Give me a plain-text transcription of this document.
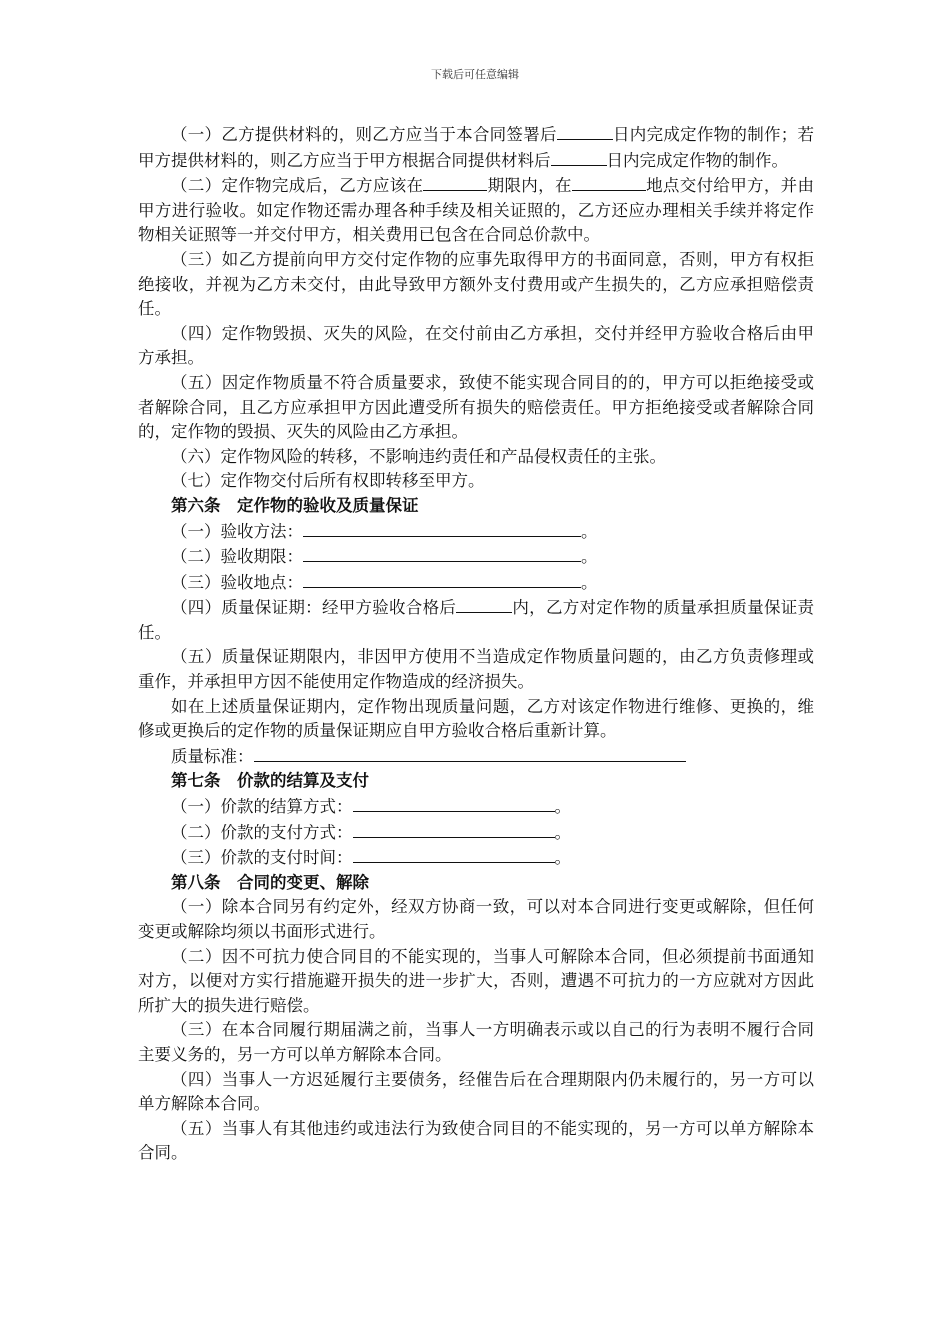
下载后可任意编辑

（一）乙方提供材料的，则乙方应当于本合同签署后	日内完成定作物的制作；若甲方提供材料的，则乙方应当于甲方根据合同提供材料后	日内完成定作物的制作。

（二）定作物完成后，乙方应该在	期限内，在	地点交付给甲方，并由甲方进行验收。如定作物还需办理各种手续及相关证照的，乙方还应办理相关手续并将定作物相关证照等一并交付甲方，相关费用已包含在合同总价款中。

（三）如乙方提前向甲方交付定作物的应事先取得甲方的书面同意，否则，甲方有权拒绝接收，并视为乙方未交付，由此导致甲方额外支付费用或产生损失的，乙方应承担赔偿责任。

（四）定作物毁损、灭失的风险，在交付前由乙方承担，交付并经甲方验收合格后由甲方承担。

（五）因定作物质量不符合质量要求，致使不能实现合同目的的，甲方可以拒绝接受或者解除合同，且乙方应承担甲方因此遭受所有损失的赔偿责任。甲方拒绝接受或者解除合同的，定作物的毁损、灭失的风险由乙方承担。

（六）定作物风险的转移，不影响违约责任和产品侵权责任的主张。

（七）定作物交付后所有权即转移至甲方。

第六条　定作物的验收及质量保证

（一）验收方法：	。

（二）验收期限：	。

（三）验收地点：	。

（四）质量保证期：经甲方验收合格后	内，乙方对定作物的质量承担质量保证责任。

（五）质量保证期限内，非因甲方使用不当造成定作物质量问题的，由乙方负责修理或重作，并承担甲方因不能使用定作物造成的经济损失。

如在上述质量保证期内，定作物出现质量问题，乙方对该定作物进行维修、更换的，维修或更换后的定作物的质量保证期应自甲方验收合格后重新计算。

质量标准：

第七条　价款的结算及支付

（一）价款的结算方式：	。

（二）价款的支付方式：	。

（三）价款的支付时间：	。

第八条　合同的变更、解除

（一）除本合同另有约定外，经双方协商一致，可以对本合同进行变更或解除，但任何变更或解除均须以书面形式进行。

（二）因不可抗力使合同目的不能实现的，当事人可解除本合同，但必须提前书面通知对方，以便对方实行措施避开损失的进一步扩大，否则，遭遇不可抗力的一方应就对方因此所扩大的损失进行赔偿。

（三）在本合同履行期届满之前，当事人一方明确表示或以自己的行为表明不履行合同主要义务的，另一方可以单方解除本合同。

（四）当事人一方迟延履行主要债务，经催告后在合理期限内仍未履行的，另一方可以单方解除本合同。

（五）当事人有其他违约或违法行为致使合同目的不能实现的，另一方可以单方解除本合同。
